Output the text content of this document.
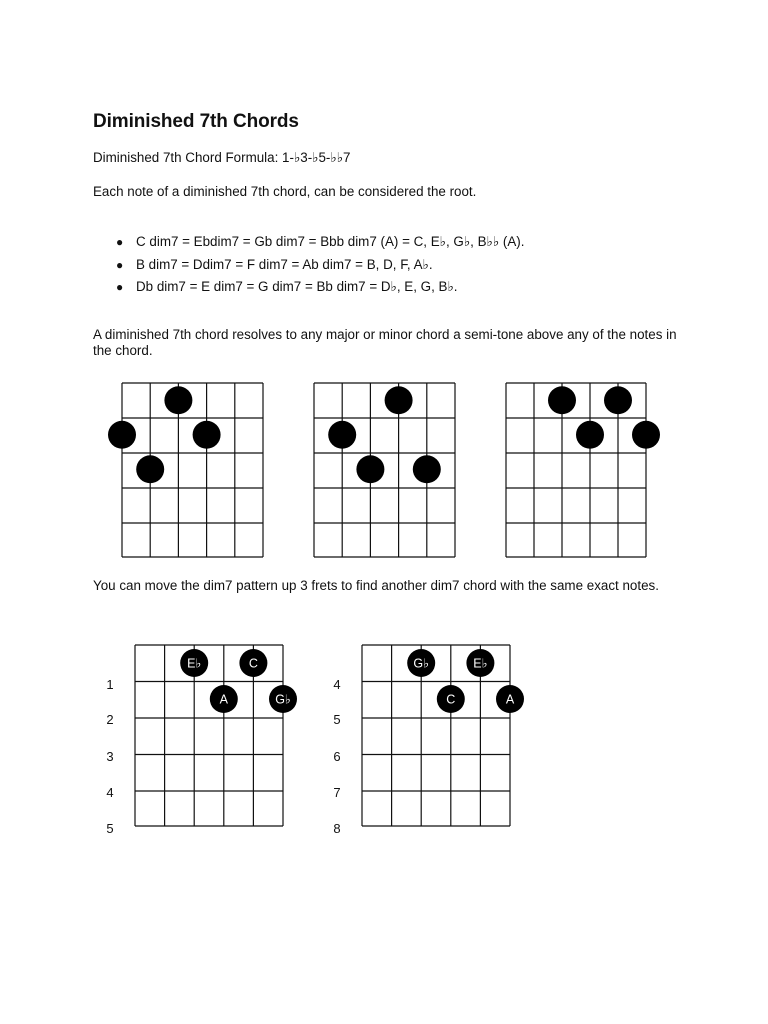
Diminished 7th Chords
Diminished 7th Chord Formula: 1-♭3-♭5-♭♭7
Each note of a diminished 7th chord, can be considered the root.
● C dim7 = Ebdim7 = Gb dim7 = Bbb dim7 (A) = C, E♭, G♭, B♭♭ (A).
● B dim7 = Ddim7 = F dim7 = Ab dim7 = B, D, F, A♭.
● Db dim7 = E dim7 = G dim7 = Bb dim7 = D♭, E, G, B♭.
A diminished 7th chord resolves to any major or minor chord a semi-tone above any of the notes in the chord.
You can move the dim7 pattern up 3 frets to find another dim7 chord with the same exact notes.
1
2
3
4
5
E♭	C
A	G♭
4
5
6
7
8
G♭	E♭
C	A
